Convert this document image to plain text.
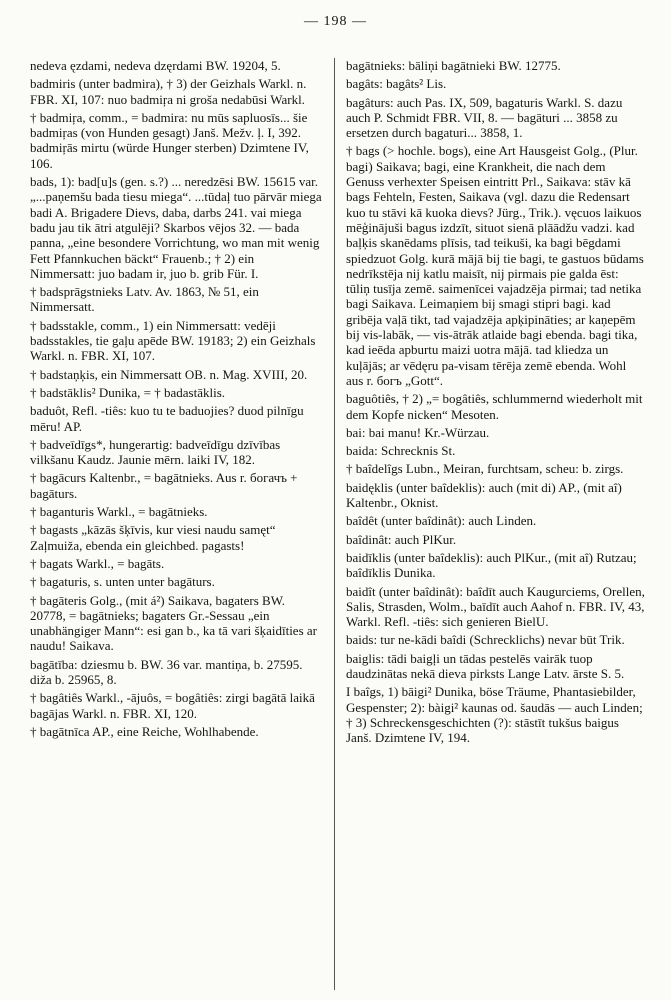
— 198 —

nedeva ęzdami, nedeva dzęrdami BW. 19204, 5.

badmiris (unter badmira), † 3) der Geizhals Warkl. n. FBR. XI, 107: nuo badmiŗa ni groša nedabūsi Warkl.

† badmiŗa, comm., = badmira: nu mūs sapluosīs... šie badmiŗas (von Hunden gesagt) Janš. Mežv. ļ. I, 392. badmiŗās mirtu (würde Hunger sterben) Dzimtene IV, 106.

bads, 1): bad[u]s (gen. s.?) ... neredzēsi BW. 15615 var. „...paņemšu bada tiesu miega“. ...tūdaļ tuo pārvār miega badi A. Brigadere Dievs, daba, darbs 241. vai miega badu jau tik ātri atgulēji? Skarbos vējos 32. — bada panna, „eine besondere Vorrichtung, wo man mit wenig Fett Pfannkuchen bäckt“ Frauenb.; † 2) ein Nimmersatt: juo badam ir, juo b. grib Für. I.

† badsprāgstnieks Latv. Av. 1863, № 51, ein Nimmersatt.

† badsstakle, comm., 1) ein Nimmersatt: vedēji badsstakles, tie gaļu apēde BW. 19183; 2) ein Geizhals Warkl. n. FBR. XI, 107.

† badstaņķis, ein Nimmersatt OB. n. Mag. XVIII, 20.

† badstāklis² Dunika, = † badastāklis.

baduôt, Refl. -tiês: kuo tu te baduojies? duod pilnīgu mēru! AP.

† badveīdīgs*, hungerartig: badveīdīgu dzīvības vilkšanu Kaudz. Jaunie mērn. laiki IV, 182.

† bagācurs Kaltenbr., = bagātnieks. Aus r. богачъ + bagāturs.

† baganturis Warkl., = bagātnieks.

† bagasts „kāzās šķīvis, kur viesi naudu samęt“ Zaļmuiža, ebenda ein gleichbed. pagasts!

† bagats Warkl., = bagāts.

† bagaturis, s. unten unter bagāturs.

† bagāteris Golg., (mit á²) Saikava, bagaters BW. 20778, = bagātnieks; bagaters Gr.-Sessau „ein unabhängiger Mann“: esi gan b., ka tā vari šķaidīties ar naudu! Saikava.

bagātība: dziesmu b. BW. 36 var. mantiņa, b. 27595. diža b. 25965, 8.

† bagâtiês Warkl., -ājuôs, = bogâtiês: zirgi bagātā laikā bagājas Warkl. n. FBR. XI, 120.

† bagātnīca AP., eine Reiche, Wohlhabende.

bagātnieks: bāliņi bagātnieki BW. 12775.

bagâts: bagâts² Lis.

bagâturs: auch Pas. IX, 509, bagaturis Warkl. S. dazu auch P. Schmidt FBR. VII, 8. — bagāturi ... 3858 zu ersetzen durch bagaturi... 3858, 1.

† bags (> hochle. bogs), eine Art Hausgeist Golg., (Plur. bagi) Saikava; bagi, eine Krankheit, die nach dem Genuss verhexter Speisen eintritt Prl., Saikava: stāv kā bags Fehteln, Festen, Saikava (vgl. dazu die Redensart kuo tu stāvi kā kuoka dievs? Jürg., Trik.). vęcuos laikuos mēģinājuši bagus izdzīt, situot sienā plāādžu vadzi. kad baļķis skanēdams plīsis, tad teikuši, ka bagi bēgdami spiedzuot Golg. kurā mājā bij tie bagi, te gastuos būdams nedrīkstēja nij katlu maisīt, nij pirmais pie galda ēst: tūliņ tusīja zemē. saimenīcei vajadzēja pirmai; tad netika bagi Saikava. Leimaņiem bij smagi stipri bagi. kad gribēja vaļā tikt, tad vajadzēja apķipināties; ar kaņepēm bij vis-labāk, — vis-ātrāk atlaide bagi ebenda. bagi tika, kad ieēda apburtu maizi uotra mājā. tad kliedza un kuļājās; ar vēdęru pa-visam tērēja zemē ebenda. Wohl aus r. богъ „Gott“.

baguôtiês, † 2) „= bogâtiês, schlummernd wiederholt mit dem Kopfe nicken“ Mesoten.

bai: bai manu! Kr.-Würzau.

baida: Schrecknis St.

† baîdelîgs Lubn., Meiran, furchtsam, scheu: b. zirgs.

baidęklis (unter baîdeklis): auch (mit di) AP., (mit aî) Kaltenbr., Oknist.

baîdêt (unter baîdinât): auch Linden.

baîdinât: auch PlKur.

baidīklis (unter baîdeklis): auch PlKur., (mit aî) Rutzau; baîdīklis Dunika.

baidît (unter baîdinât): baîdīt auch Kaugurciems, Orellen, Salis, Strasden, Wolm., baīdīt auch Aahof n. FBR. IV, 43, Warkl. Refl. -tiês: sich genieren BielU.

baids: tur ne-kādi baîdi (Schrecklichs) nevar būt Trik.

baiglis: tādi baigļi un tādas pestelēs vairāk tuop daudzinātas nekā dieva pirksts Lange Latv. ārste S. 5.

I baîgs, 1) bāigi² Dunika, böse Träume, Phantasiebilder, Gespenster; 2): bàigi² kaunas od. šaudās — auch Linden; † 3) Schreckensgeschichten (?): stāstīt tukšus baigus Janš. Dzimtene IV, 194.
